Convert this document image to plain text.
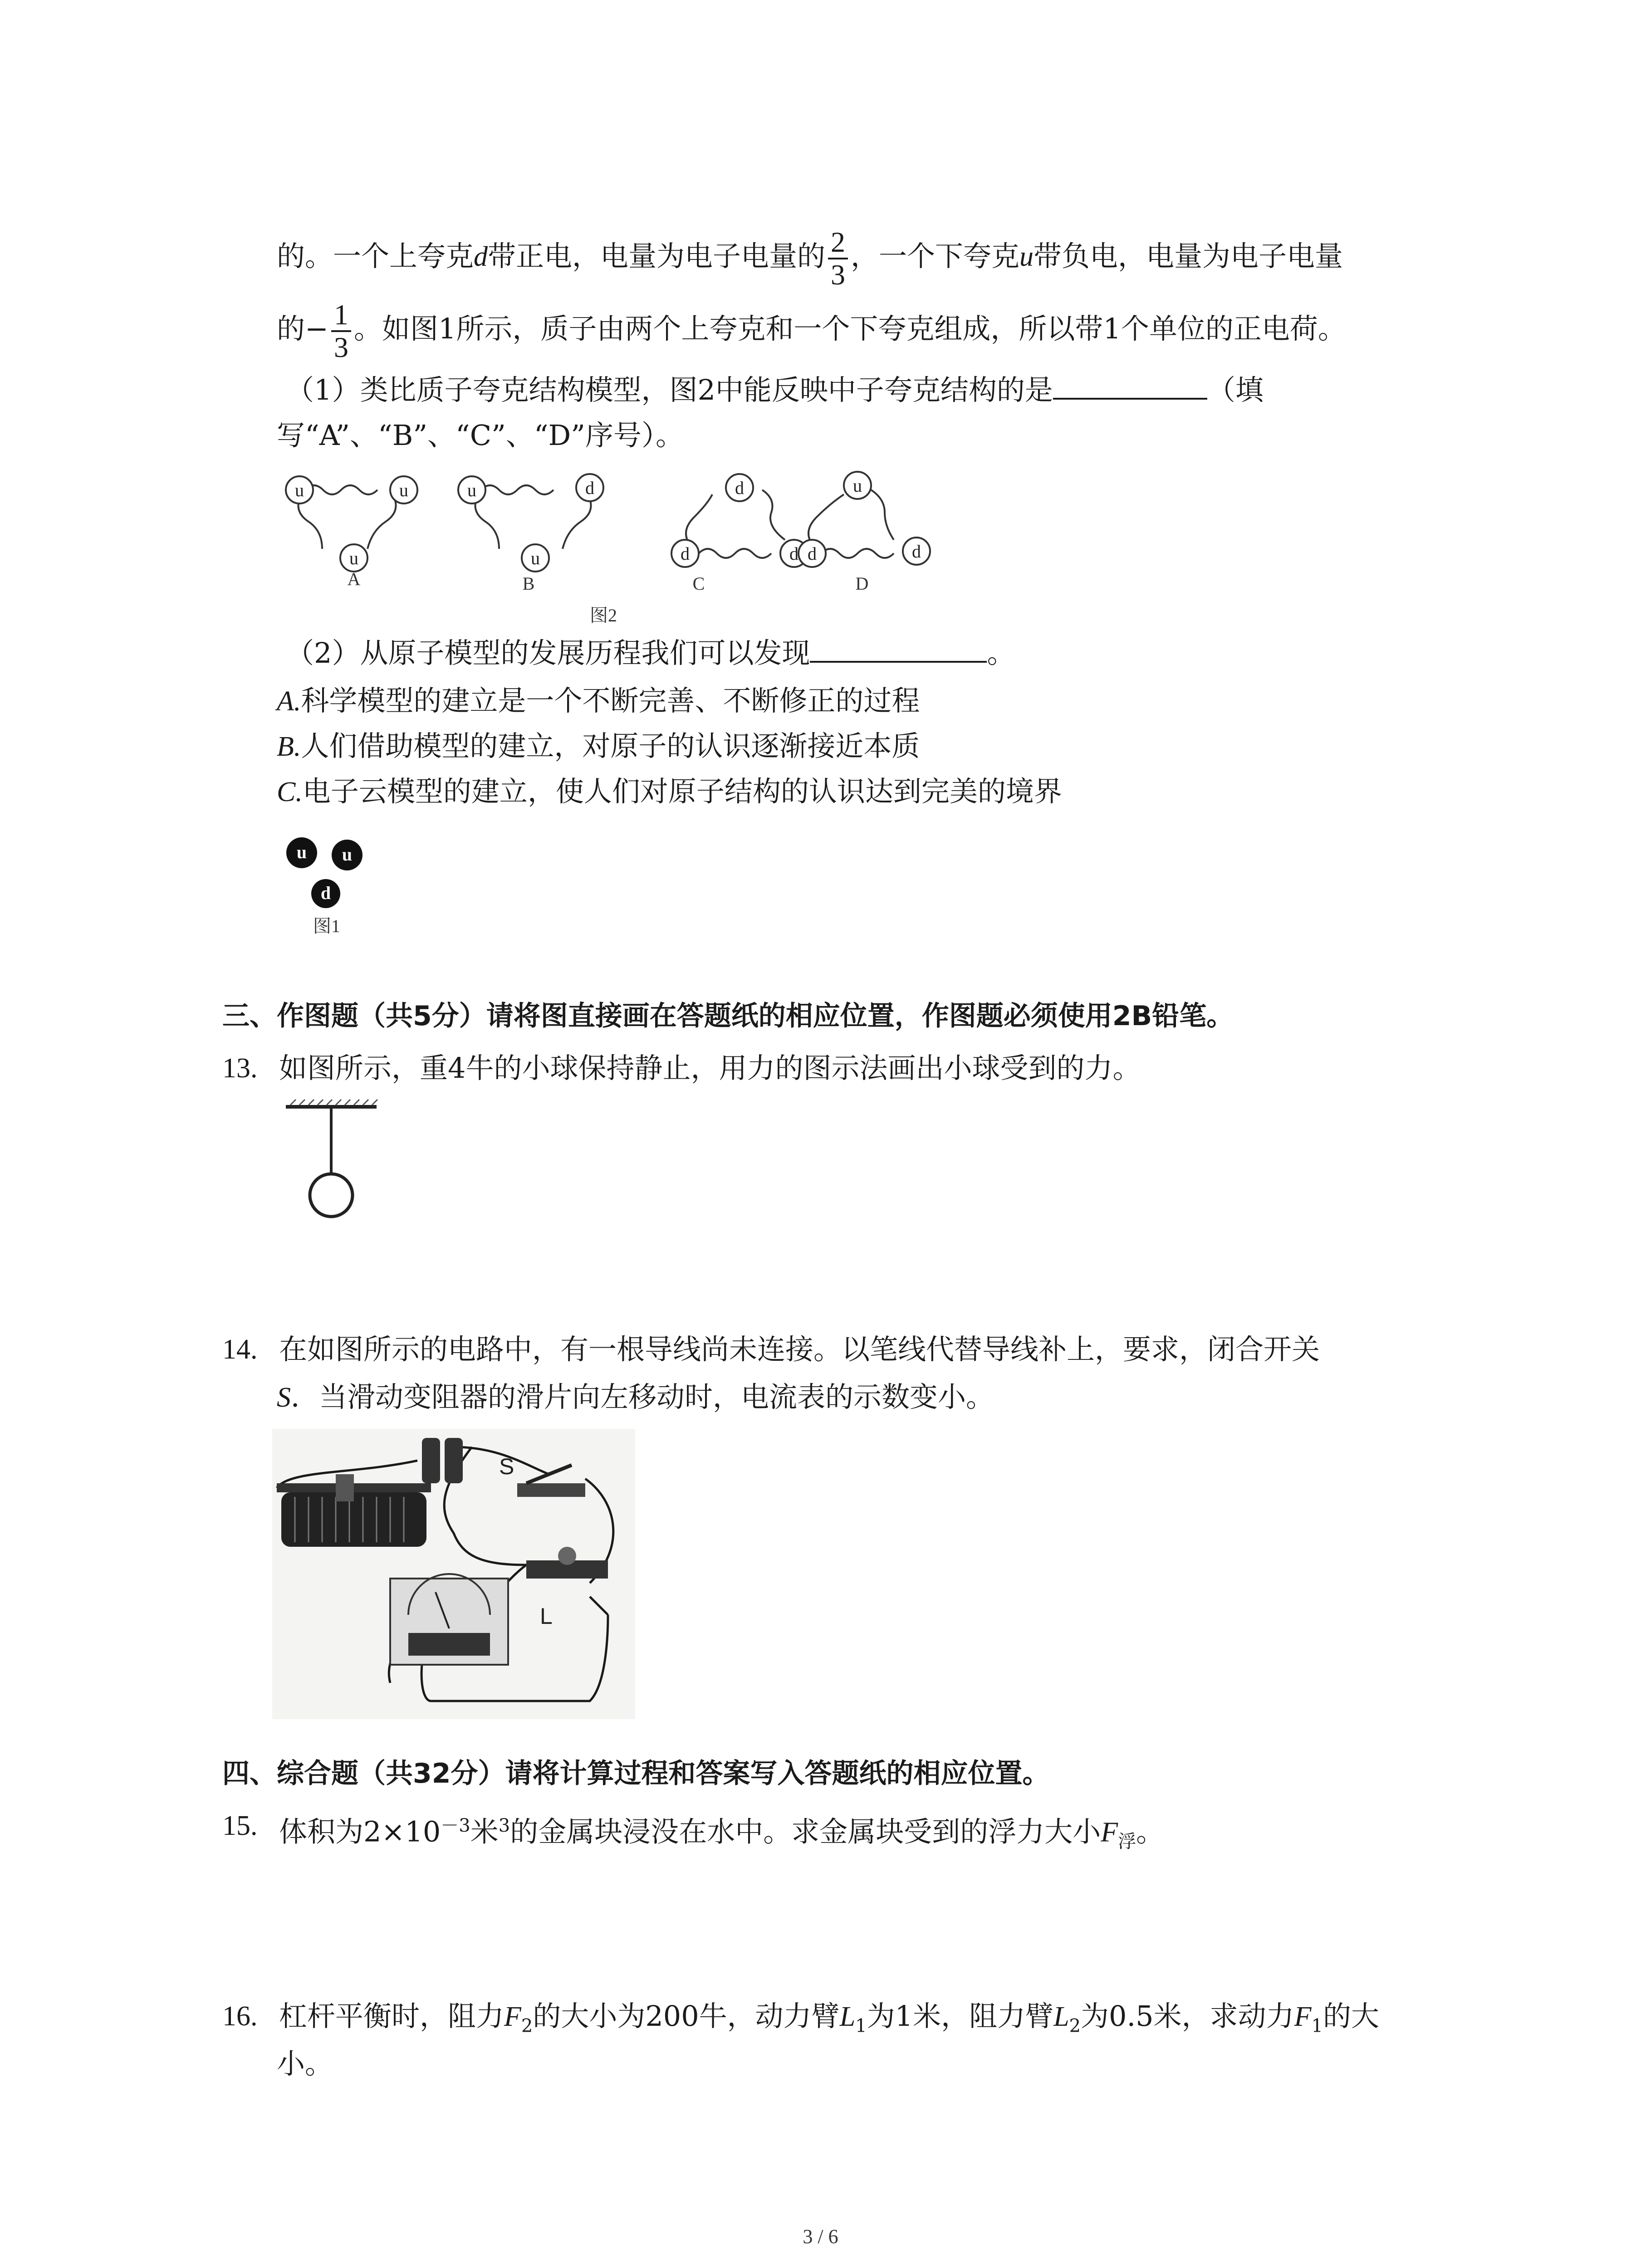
的。一个上夸克d带正电，电量为电子电量的 $\frac{2}{3}$ ，一个下夸克u带负电，电量为电子电量
的− $\frac{1}{3}$ 。如图1所示，质子由两个上夸克和一个下夸克组成，所以带1个单位的正电荷。
（1）类比质子夸克结构模型，图2中能反映中子夸克结构的是	（填
写“A”、“B”、“C”、“D”序号）。
u	u
u
u	d
u
d
d	d
u
d	d
A	B	C	D
图2
（2）从原子模型的发展历程我们可以发现	。
A.科学模型的建立是一个不断完善、不断修正的过程
B.人们借助模型的建立，对原子的认识逐渐接近本质
C.电子云模型的建立，使人们对原子结构的认识达到完美的境界
u u
d
图1
三、作图题（共5分）请将图直接画在答题纸的相应位置，作图题必须使用2B铅笔。
13. 如图所示，重4牛的小球保持静止，用力的图示法画出小球受到的力。
14. 在如图所示的电路中，有一根导线尚未连接。以笔线代替导线补上，要求，闭合开关
S．当滑动变阻器的滑片向左移动时，电流表的示数变小。
S
L
四、综合题（共32分）请将计算过程和答案写入答题纸的相应位置。
15. 体积为$2\times 10^{-3}$米$^3$的金属块浸没在水中。求金属块受到的浮力大小$F_浮$。
16. 杠杆平衡时，阻力$F_2$的大小为200牛，动力臂$L_1$为1米，阻力臂$L_2$为0.5米，求动力$F_1$的大
小。
3 / 6
